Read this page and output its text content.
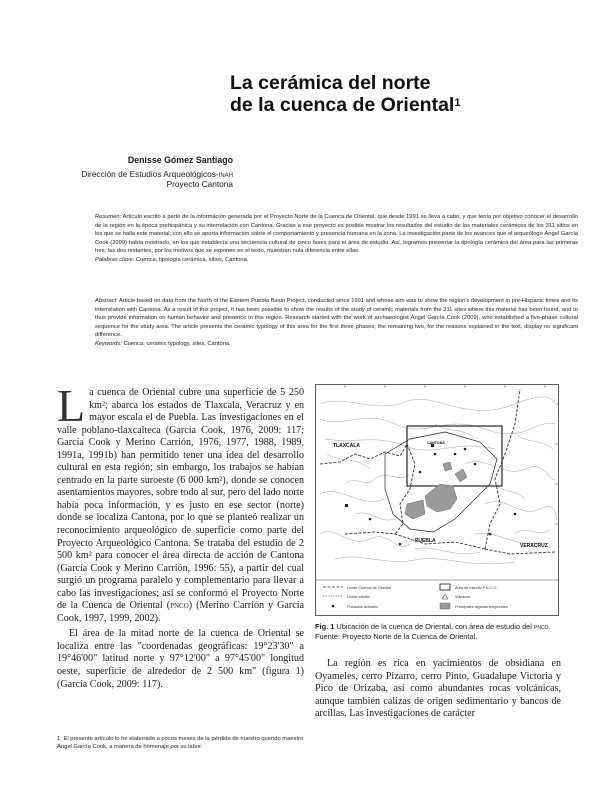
La cerámica del norte
de la cuenca de Oriental$^1$
Denisse Gómez Santiago
Dirección de Estudios Arqueológicos-inah
Proyecto Cantona

Resumen: Artículo escrito a partir de la información generada por el Proyecto Norte de la Cuenca de Oriental, que desde 1991 se lleva a cabo, y que tenía por objetivo conocer el desarrollo de la región en la época prehispánica y su interrelación con Cantona. Gracias a ese proyecto es posible mostrar los resultados del estudio de los materiales cerámicos de los 311 sitios en los que se halla este material; con ello se aporta información sobre el comportamiento y presencia humana en la zona. La investigación parte de los avances que el arqueólogo Ángel García Cook (2009) había mostrado, en los que establecía una secuencia cultural de cinco fases para el área de estudio. Así, logramos presentar la tipología cerámica del área para las primeras tres; las dos restantes, por los motivos que se exponen en el texto, muestran nula diferencia entre ellas.

Palabras clave: Cuenca, tipología cerámica, sitios, Cantona.

Abstract: Article based on data from the North of the Eastern Puebla Basin Project, conducted since 1991 and whose aim was to show the region's development in pre-Hispanic times and its interrelation with Cantona. As a result of this project, it has been possible to show the results of the study of ceramic materials from the 311 sites where this material has been found, and to thus provide information on human behavior and presence in this region. Research started with the work of archaeologist Ángel García Cook (2009), who established a five-phase cultural sequence for the study area. The article presents the ceramic typology of this area for the first three phases; the remaining two, for the reasons explained in the text, display no significant difference.

Keywords: Cuenca, ceramic typology, sites, Cantona.

La cuenca de Oriental cubre una superficie de 5 250 km²; abarca los estados de Tlaxcala, Veracruz y en mayor escala el de Puebla. Las investigaciones en el valle poblano-tlaxcalteca (García Cook, 1976, 2009: 117; García Cook y Merino Carrión, 1976, 1977, 1988, 1989, 1991a, 1991b) han permitido tener una idea del desarrollo cultural en esta región; sin embargo, los trabajos se habían centrado en la parte suroeste (6 000 km²), donde se conocen asentamientos mayores, sobre todo al sur, pero del lado norte había poca información, y es justo en ese sector (norte) donde se localiza Cantona, por lo que se planteó realizar un reconocimiento arqueológico de superficie como parte del Proyecto Arqueológico Cantona. Se trataba del estudio de 2 500 km² para conocer el área directa de acción de Cantona (García Cook y Merino Carrión, 1996: 55), a partir del cual surgió un programa paralelo y complementario para llevar a cabo las investigaciones; así se conformó el Proyecto Norte de la Cuenca de Oriental (pnco) (Merino Carrión y García Cook, 1997, 1999, 2002).

El área de la mitad norte de la cuenca de Oriental se localiza entre las "coordenadas geográficas: 19°23'30" a 19°46'00" latitud norte y 97°12'00" a 97°45'00" longitud oeste, superficie de alrededor de 2 500 km" (figura 1) (García Cook, 2009: 117).

1 El presente artículo lo he elaborado a pocos meses de la pérdida de nuestro querido maestro Ángel García Cook, a manera de homenaje por su labor.
TLAXCALA
PUEBLA
VERACRUZ
CANTONA
Límite Cuenca de Oriental
Límite estatal
Poblados actuales
Área de estudio P.N.C.O.
Volcanes
Principales lagunas temporales
Fig. 1 Ubicación de la cuenca de Oriental, con área de estudio del pnco. Fuente: Proyecto Norte de la Cuenca de Oriental.

La región es rica en yacimientos de obsidiana en Oyameles, cerro Pizarro, cerro Pinto, Guadalupe Victoria y Pico de Orizaba, así como abundantes rocas volcánicas, aunque también calizas de origen sedimentario y bancos de arcillas. Las investigaciones de carácter
